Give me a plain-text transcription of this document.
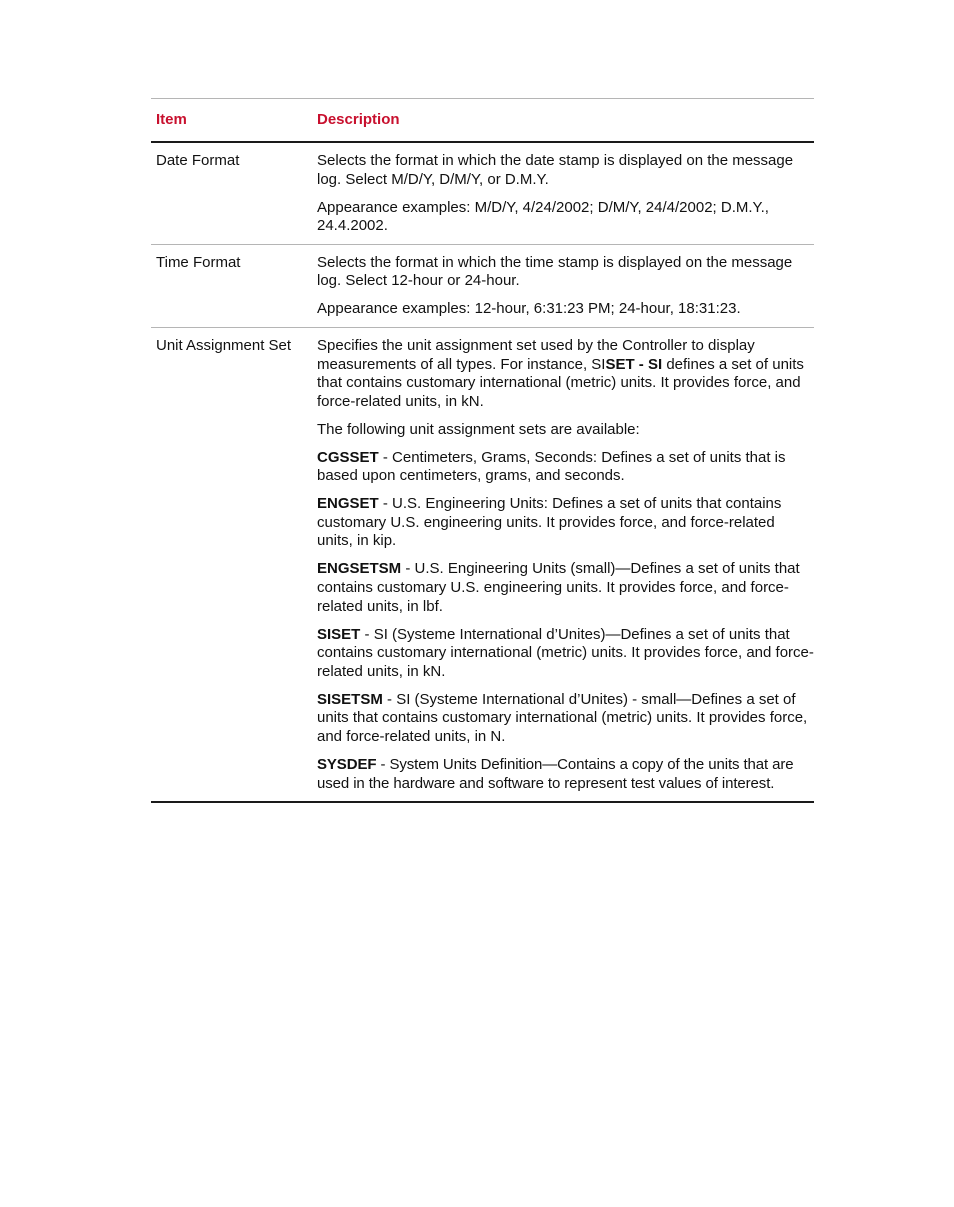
Item	Description
Date Format	Selects the format in which the date stamp is displayed on the message log. Select M/D/Y, D/M/Y, or D.M.Y.

Appearance examples: M/D/Y, 4/24/2002; D/M/Y, 24/4/2002; D.M.Y., 24.4.2002.

Time Format	Selects the format in which the time stamp is displayed on the message log. Select 12-hour or 24-hour.

Appearance examples: 12-hour, 6:31:23 PM; 24-hour, 18:31:23.

Unit Assignment Set	Specifies the unit assignment set used by the Controller to display measurements of all types. For instance, SISET - SI defines a set of units that contains customary international (metric) units. It provides force, and force-related units, in kN.

The following unit assignment sets are available:

CGSSET - Centimeters, Grams, Seconds: Defines a set of units that is based upon centimeters, grams, and seconds.

ENGSET - U.S. Engineering Units: Defines a set of units that contains customary U.S. engineering units. It provides force, and force-related units, in kip.

ENGSETSM - U.S. Engineering Units (small)—Defines a set of units that contains customary U.S. engineering units. It provides force, and force-related units, in lbf.

SISET - SI (Systeme International d’Unites)—Defines a set of units that contains customary international (metric) units. It provides force, and force-related units, in kN.

SISETSM - SI (Systeme International d’Unites) - small—Defines a set of units that contains customary international (metric) units. It provides force, and force-related units, in N.

SYSDEF - System Units Definition—Contains a copy of the units that are used in the hardware and software to represent test values of interest.
